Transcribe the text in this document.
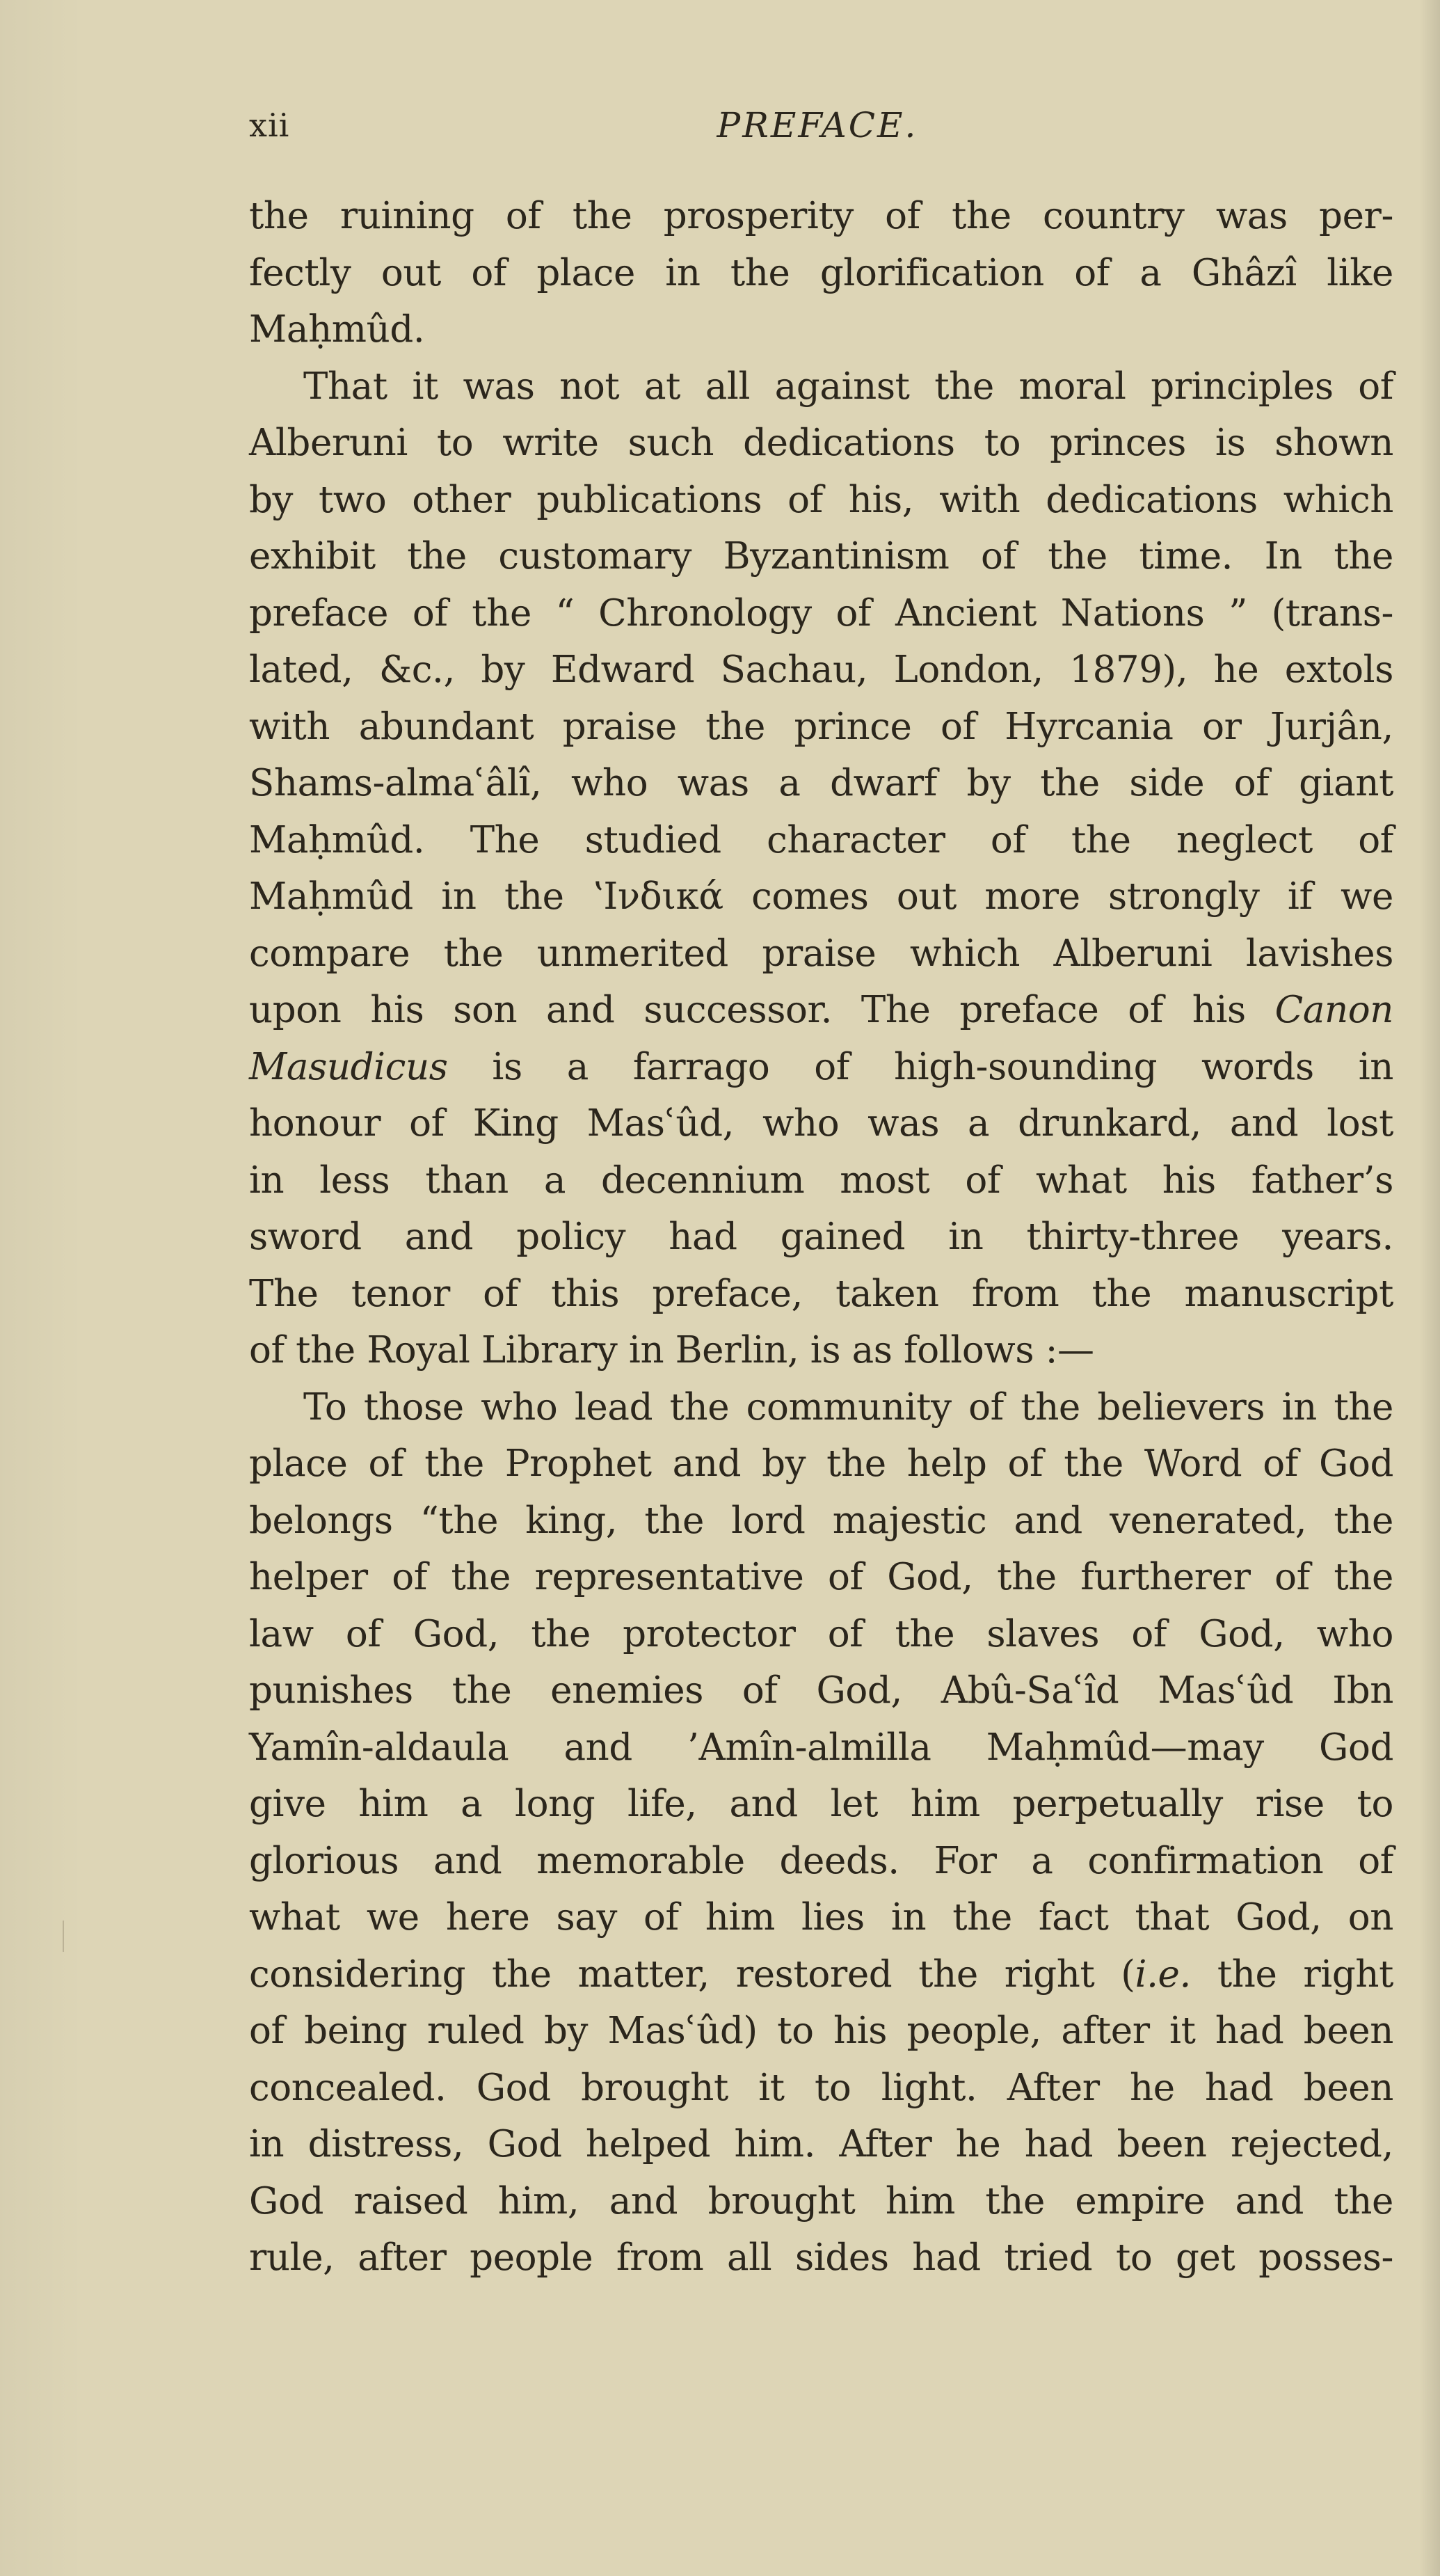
xii	PREFACE.
the ruining of the prosperity of the country was per-
fectly out of place in the glorification of a Ghâzî like
Maḥmûd.
That it was not at all against the moral principles of
Alberuni to write such dedications to princes is shown
by two other publications of his, with dedications which
exhibit the customary Byzantinism of the time. In the
preface of the “ Chronology of Ancient Nations ” (trans-
lated, &c., by Edward Sachau, London, 1879), he extols
with abundant praise the prince of Hyrcania or Jurjân,
Shams-almaʿâlî, who was a dwarf by the side of giant
Maḥmûd. The studied character of the neglect of
Maḥmûd in the ʽΙνδικά comes out more strongly if we
compare the unmerited praise which Alberuni lavishes
upon his son and successor. The preface of his Canon
Masudicus is a farrago of high-sounding words in
honour of King Masʿûd, who was a drunkard, and lost
in less than a decennium most of what his father’s
sword and policy had gained in thirty-three years.
The tenor of this preface, taken from the manuscript
of the Royal Library in Berlin, is as follows :—
To those who lead the community of the believers in the
place of the Prophet and by the help of the Word of God
belongs “the king, the lord majestic and venerated, the
helper of the representative of God, the furtherer of the
law of God, the protector of the slaves of God, who
punishes the enemies of God, Abû-Saʿîd Masʿûd Ibn
Yamîn-aldaula and ’Amîn-almilla Maḥmûd—may God
give him a long life, and let him perpetually rise to
glorious and memorable deeds. For a confirmation of
what we here say of him lies in the fact that God, on
considering the matter, restored the right (i.e. the right
of being ruled by Masʿûd) to his people, after it had been
concealed. God brought it to light. After he had been
in distress, God helped him. After he had been rejected,
God raised him, and brought him the empire and the
rule, after people from all sides had tried to get posses-
